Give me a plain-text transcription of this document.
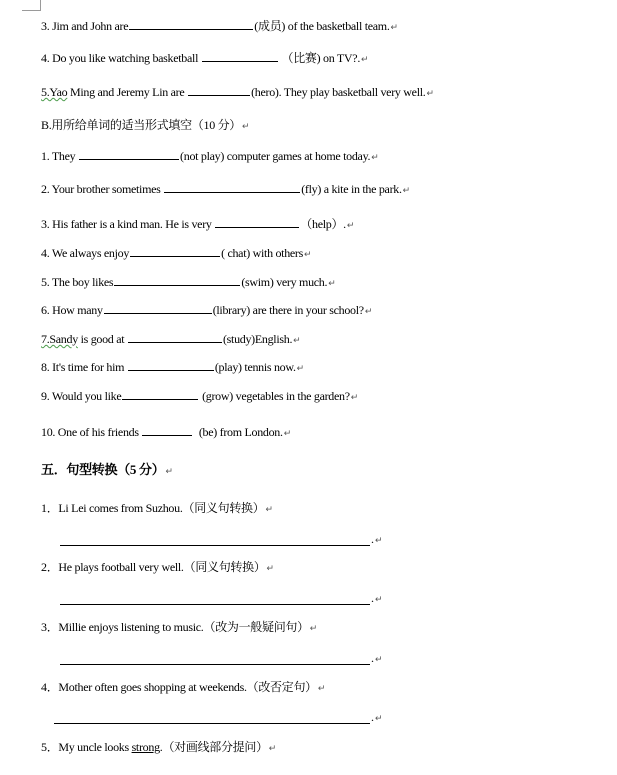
3. Jim and John are	(成员) of the basketball team.↵
4. Do you like watching basketball	（比赛) on TV?.↵
5.Yao Ming and Jeremy Lin are	(hero). They play basketball very well.↵
B.用所给单词的适当形式填空（10 分）↵
1. They	(not play) computer games at home today.↵
2. Your brother sometimes	(fly) a kite in the park.↵
3. His father is a kind man. He is very	（help）.↵
4. We always enjoy	( chat) with others↵
5. The boy likes	(swim) very much.↵
6. How many	(library) are there in your school?↵
7.Sandy is good at	(study)English.↵
8. It's time for him	(play) tennis now.↵
9. Would you like	(grow) vegetables in the garden?↵
10. One of his friends	(be) from London.↵
五．句型转换（5 分）↵
1．Li Lei comes from Suzhou.（同义句转换）↵
.↵
2．He plays football very well.（同义句转换）↵
.↵
3．Millie enjoys listening to music.（改为一般疑问句）↵
.↵
4．Mother often goes shopping at weekends.（改否定句）↵
.↵
5．My uncle looks strong.（对画线部分提问）↵
